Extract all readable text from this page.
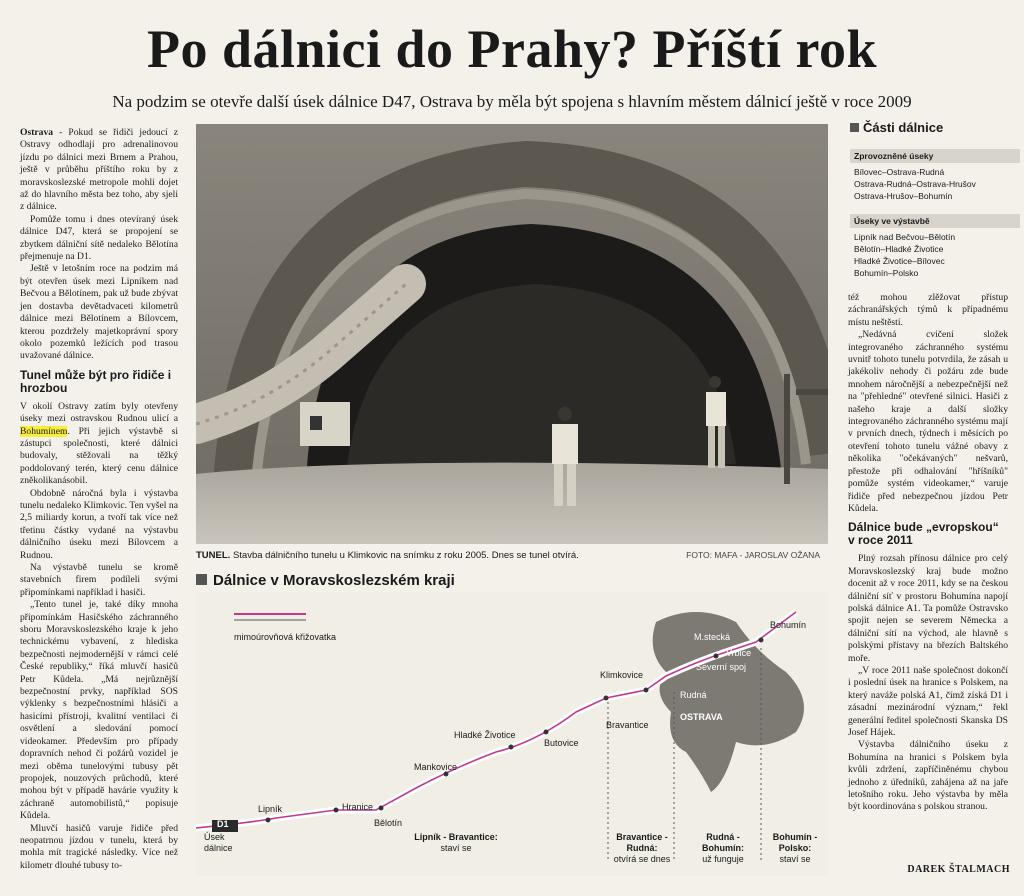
Po dálnici do Prahy? Příští rok

Na podzim se otevře další úsek dálnice D47, Ostrava by měla být spojena s hlavním městem dálnicí ještě v roce 2009

Ostrava - Pokud se řidiči jedoucí z Ostravy odhodlají pro adrenalinovou jízdu po dálnici mezi Brnem a Prahou, ještě v průběhu příštího roku by z moravskoslezské metropole mohli dojet až do hlavního města bez toho, aby sjeli z dálnice.

Pomůže tomu i dnes otevíraný úsek dálnice D47, která se propojení se zbytkem dálniční sítě nedaleko Bělotína přejmenuje na D1.

Ještě v letošním roce na podzim má být otevřen úsek mezi Lipníkem nad Bečvou a Bělotínem, pak už bude zbývat jen dostavba devětadvaceti kilometrů dálnice mezi Bělotínem a Bílovcem, kterou pozdržely majetkoprávní spory okolo pozemků ležících pod trasou uvažované dálnice.

Tunel může být pro řidiče i hrozbou

V okolí Ostravy zatím byly otevřeny úseky mezi ostravskou Rudnou ulicí a Bohumínem. Při jejich výstavbě si zástupci společnosti, které dálnici budovaly, stěžovali na těžký poddolovaný terén, který cenu dálnice zněkolikanásobil.

Obdobně náročná byla i výstavba tunelu nedaleko Klimkovic. Ten vyšel na 2,5 miliardy korun, a tvoří tak více než třetinu částky vydané na výstavbu dálničního úseku mezi Bílovcem a Rudnou.

Na výstavbě tunelu se kromě stavebních firem podíleli svými připomínkami například i hasiči.

„Tento tunel je, také díky mnoha připomínkám Hasičského záchranného sboru Moravskoslezského kraje k jeho technickému vybavení, z hlediska bezpečnosti nejmodernější v rámci celé České republiky,“ říká mluvčí hasičů Petr Kůdela. „Má nejrůznější bezpečnostní prvky, například SOS výklenky s bezpečnostními hlásiči a hasicími přístroji, kvalitní ventilaci či osvětlení a sledování pomocí videokamer. Především pro případy dopravních nehod či požárů vozidel je mezi oběma tunelovými tubusy pět propojek, nouzových průchodů, které mohou být v případě havárie využity k záchraně automobilistů,“ popisuje Kůdela.

Mluvčí hasičů varuje řidiče před neopatrnou jízdou v tunelu, která by mohla mít tragické následky. Více než kilometr dlouhé tubusy to-

TUNEL. Stavba dálničního tunelu u Klimkovic na snímku z roku 2005. Dnes se tunel otvírá.	FOTO: MAFA - JAROSLAV OŽANA
Části dálnice
Zprovozněné úseky
Bílovec–Ostrava-Rudná
Ostrava-Rudná–Ostrava-Hrušov
Ostrava-Hrušov–Bohumín
Úseky ve výstavbě
Lipník nad Bečvou–Bělotín
Bělotín–Hladké Životice
Hladké Životice–Bílovec
Bohumín–Polsko

též mohou zlěžovat přístup záchranářských týmů k případnému místu neštěstí.

„Nedávná cvičení složek integrovaného záchranného systému uvnitř tohoto tunelu potvrdila, že zásah u jakékoliv nehody či požáru zde bude mnohem náročnější a nebezpečnější než na "přehledné" otevřené silnici. Hasiči z našeho kraje a další složky integrovaného záchranného systému mají v prvních dnech, týdnech i měsících po otevření tohoto tunelu vážné obavy z několika "očekávaných" nešvarů, přestože při odhalování "hříšníků" pomůže systém videokamer,“ varuje řidiče před nebezpečnou jízdou Petr Kůdela.

Dálnice bude „evropskou“ v roce 2011

Plný rozsah přínosu dálnice pro celý Moravskoslezský kraj bude možno docenit až v roce 2011, kdy se na českou dálniční síť v prostoru Bohumína napojí polská dálnice A1. Ta pomůže Ostravsko spojit nejen se severem Německa a dálniční sítí na východ, ale hlavně s polskými přístavy na březích Baltského moře.

„V roce 2011 naše společnost dokončí i poslední úsek na hranice s Polskem, na který naváže polská A1, čímž získá D1 i zásadní mezinárodní význam,“ řekl generální ředitel společnosti Skanska DS Josef Hájek.

Výstavba dálničního úseku z Bohumína na hranici s Polskem byla kvůli zdržení, zapříčiněnému chybou jednoho z úředníků, zahájena až na jaře letošního roku. Jeho výstavba by měla být koordinována s polskou stranou.

DAREK ŠTALMACH
Dálnice v Moravskoslezském kraji
mimoúrovňová křižovatka
D1
Lipník	Hranice
Bělotín
Mankovice
Hladké Životice
Butovice
Bravantice
Klimkovice
Rudná
M.stecká
Vrbice
Severní spoj
Bohumín
OSTRAVA
Úsek
dálnice
Lipník - Bravantice:
staví se
Bravantice - Rudná:
otvírá se dnes
Rudná - Bohumín:
už funguje
Bohumín - Polsko:
staví se
